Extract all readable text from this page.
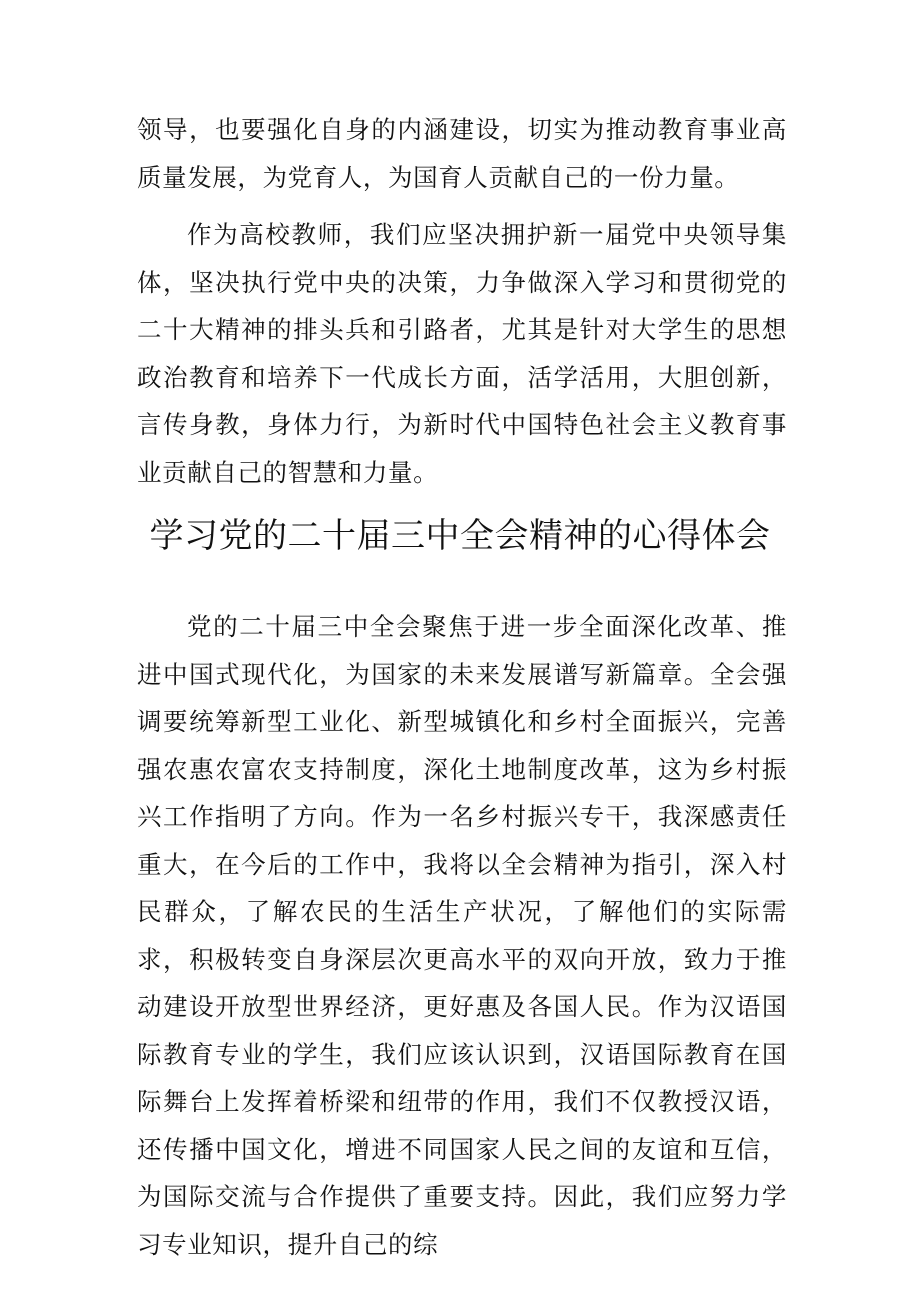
领导，也要强化自身的内涵建设，切实为推动教育事业高质量发展，为党育人，为国育人贡献自己的一份力量。

作为高校教师，我们应坚决拥护新一届党中央领导集体，坚决执行党中央的决策，力争做深入学习和贯彻党的二十大精神的排头兵和引路者，尤其是针对大学生的思想政治教育和培养下一代成长方面，活学活用，大胆创新，言传身教，身体力行，为新时代中国特色社会主义教育事业贡献自己的智慧和力量。

学习党的二十届三中全会精神的心得体会

党的二十届三中全会聚焦于进一步全面深化改革、推进中国式现代化，为国家的未来发展谱写新篇章。全会强调要统筹新型工业化、新型城镇化和乡村全面振兴，完善强农惠农富农支持制度，深化土地制度改革，这为乡村振兴工作指明了方向。作为一名乡村振兴专干，我深感责任重大，在今后的工作中，我将以全会精神为指引，深入村民群众，了解农民的生活生产状况，了解他们的实际需求，积极转变自身深层次更高水平的双向开放，致力于推动建设开放型世界经济，更好惠及各国人民。作为汉语国际教育专业的学生，我们应该认识到，汉语国际教育在国际舞台上发挥着桥梁和纽带的作用，我们不仅教授汉语，还传播中国文化，增进不同国家人民之间的友谊和互信，为国际交流与合作提供了重要支持。因此，我们应努力学习专业知识，提升自己的综
